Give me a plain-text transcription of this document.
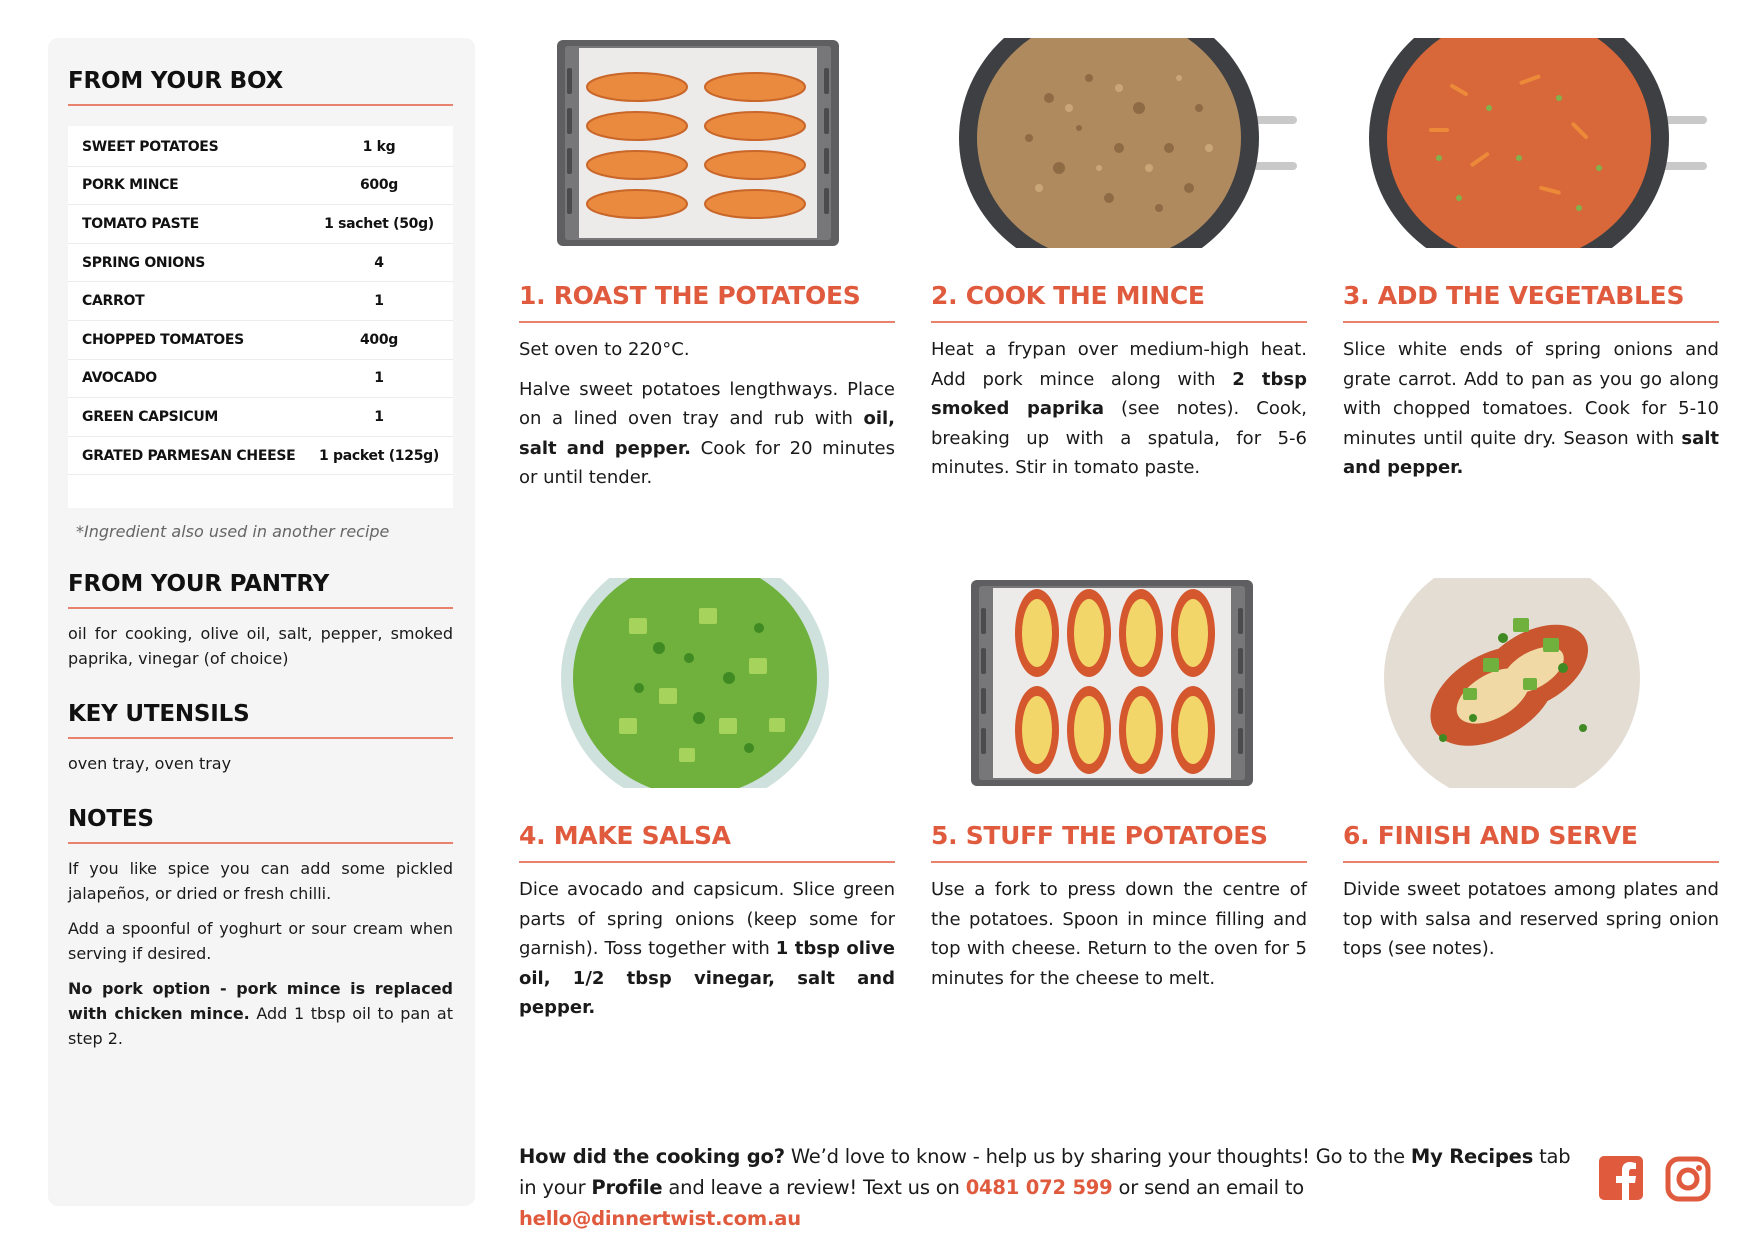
FROM YOUR BOX
SWEET POTATOES	1 kg
PORK MINCE	600g
TOMATO PASTE	1 sachet (50g)
SPRING ONIONS	4
CARROT	1
CHOPPED TOMATOES	400g
AVOCADO	1
GREEN CAPSICUM	1
GRATED PARMESAN CHEESE	1 packet (125g)
*Ingredient also used in another recipe
FROM YOUR PANTRY

oil for cooking, olive oil, salt, pepper, smoked paprika, vinegar (of choice)

KEY UTENSILS

oven tray, oven tray

NOTES

If you like spice you can add some pickled jalapeños, or dried or fresh chilli.

Add a spoonful of yoghurt or sour cream when serving if desired.

No pork option - pork mince is replaced with chicken mince. Add 1 tbsp oil to pan at step 2.

1. ROAST THE POTATOES

Set oven to 220°C.

Halve sweet potatoes lengthways. Place on a lined oven tray and rub with oil, salt and pepper. Cook for 20 minutes or until tender.

2. COOK THE MINCE

Heat a frypan over medium-high heat. Add pork mince along with 2 tbsp smoked paprika (see notes). Cook, breaking up with a spatula, for 5-6 minutes. Stir in tomato paste.

3. ADD THE VEGETABLES

Slice white ends of spring onions and grate carrot. Add to pan as you go along with chopped tomatoes. Cook for 5-10 minutes until quite dry. Season with salt and pepper.

4. MAKE SALSA

Dice avocado and capsicum. Slice green parts of spring onions (keep some for garnish). Toss together with 1 tbsp olive oil, 1/2 tbsp vinegar, salt and pepper.

5. STUFF THE POTATOES

Use a fork to press down the centre of the potatoes. Spoon in mince filling and top with cheese. Return to the oven for 5 minutes for the cheese to melt.

6. FINISH AND SERVE

Divide sweet potatoes among plates and top with salsa and reserved spring onion tops (see notes).

How did the cooking go? We’d love to know - help us by sharing your thoughts! Go to the My Recipes tab in your Profile and leave a review! Text us on 0481 072 599 or send an email to hello@dinnertwist.com.au
